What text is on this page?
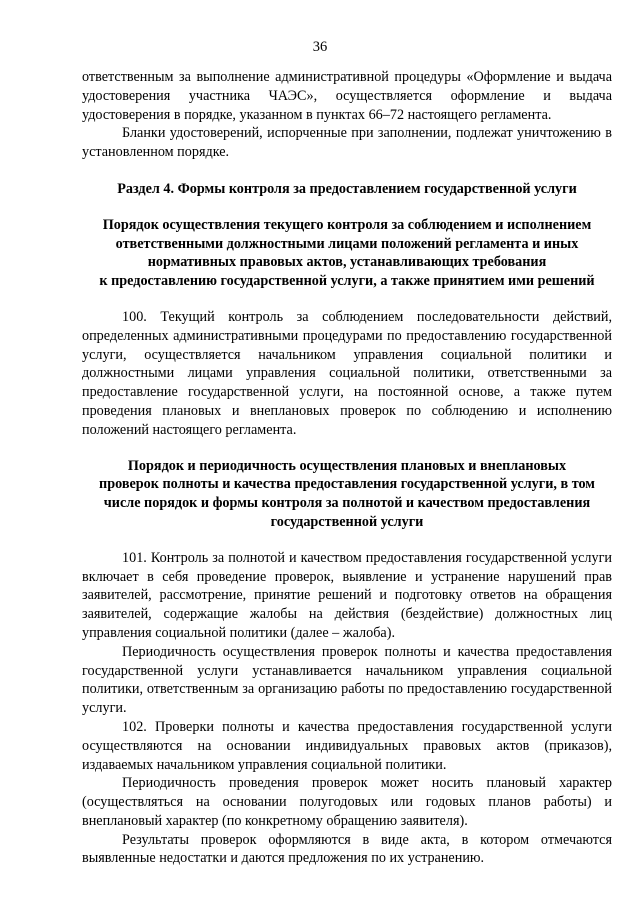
36

ответственным за выполнение административной процедуры «Оформление и выдача удостоверения участника ЧАЭС», осуществляется оформление и выдача удостоверения в порядке, указанном в пунктах 66–72 настоящего регламента.

Бланки удостоверений, испорченные при заполнении, подлежат уничтожению в установленном порядке.

Раздел 4. Формы контроля за предоставлением государственной услуги

Порядок осуществления текущего контроля за соблюдением и исполнением

ответственными должностными лицами положений регламента и иных

нормативных правовых актов, устанавливающих требования

к предоставлению государственной услуги, а также принятием ими решений

100. Текущий контроль за соблюдением последовательности действий, определенных административными процедурами по предоставлению государственной услуги, осуществляется начальником управления социальной политики и должностными лицами управления социальной политики, ответственными за предоставление государственной услуги, на постоянной основе, а также путем проведения плановых и внеплановых проверок по соблюдению и исполнению положений настоящего регламента.

Порядок и периодичность осуществления плановых и внеплановых

проверок полноты и качества предоставления государственной услуги, в том

числе порядок и формы контроля за полнотой и качеством предоставления

государственной услуги

101. Контроль за полнотой и качеством предоставления государственной услуги включает в себя проведение проверок, выявление и устранение нарушений прав заявителей, рассмотрение, принятие решений и подготовку ответов на обращения заявителей, содержащие жалобы на действия (бездействие) должностных лиц управления социальной политики (далее – жалоба).

Периодичность осуществления проверок полноты и качества предоставления государственной услуги устанавливается начальником управления социальной политики, ответственным за организацию работы по предоставлению государственной услуги.

102. Проверки полноты и качества предоставления государственной услуги осуществляются на основании индивидуальных правовых актов (приказов), издаваемых начальником управления социальной политики.

Периодичность проведения проверок может носить плановый характер (осуществляться на основании полугодовых или годовых планов работы) и внеплановый характер (по конкретному обращению заявителя).

Результаты проверок оформляются в виде акта, в котором отмечаются выявленные недостатки и даются предложения по их устранению.
